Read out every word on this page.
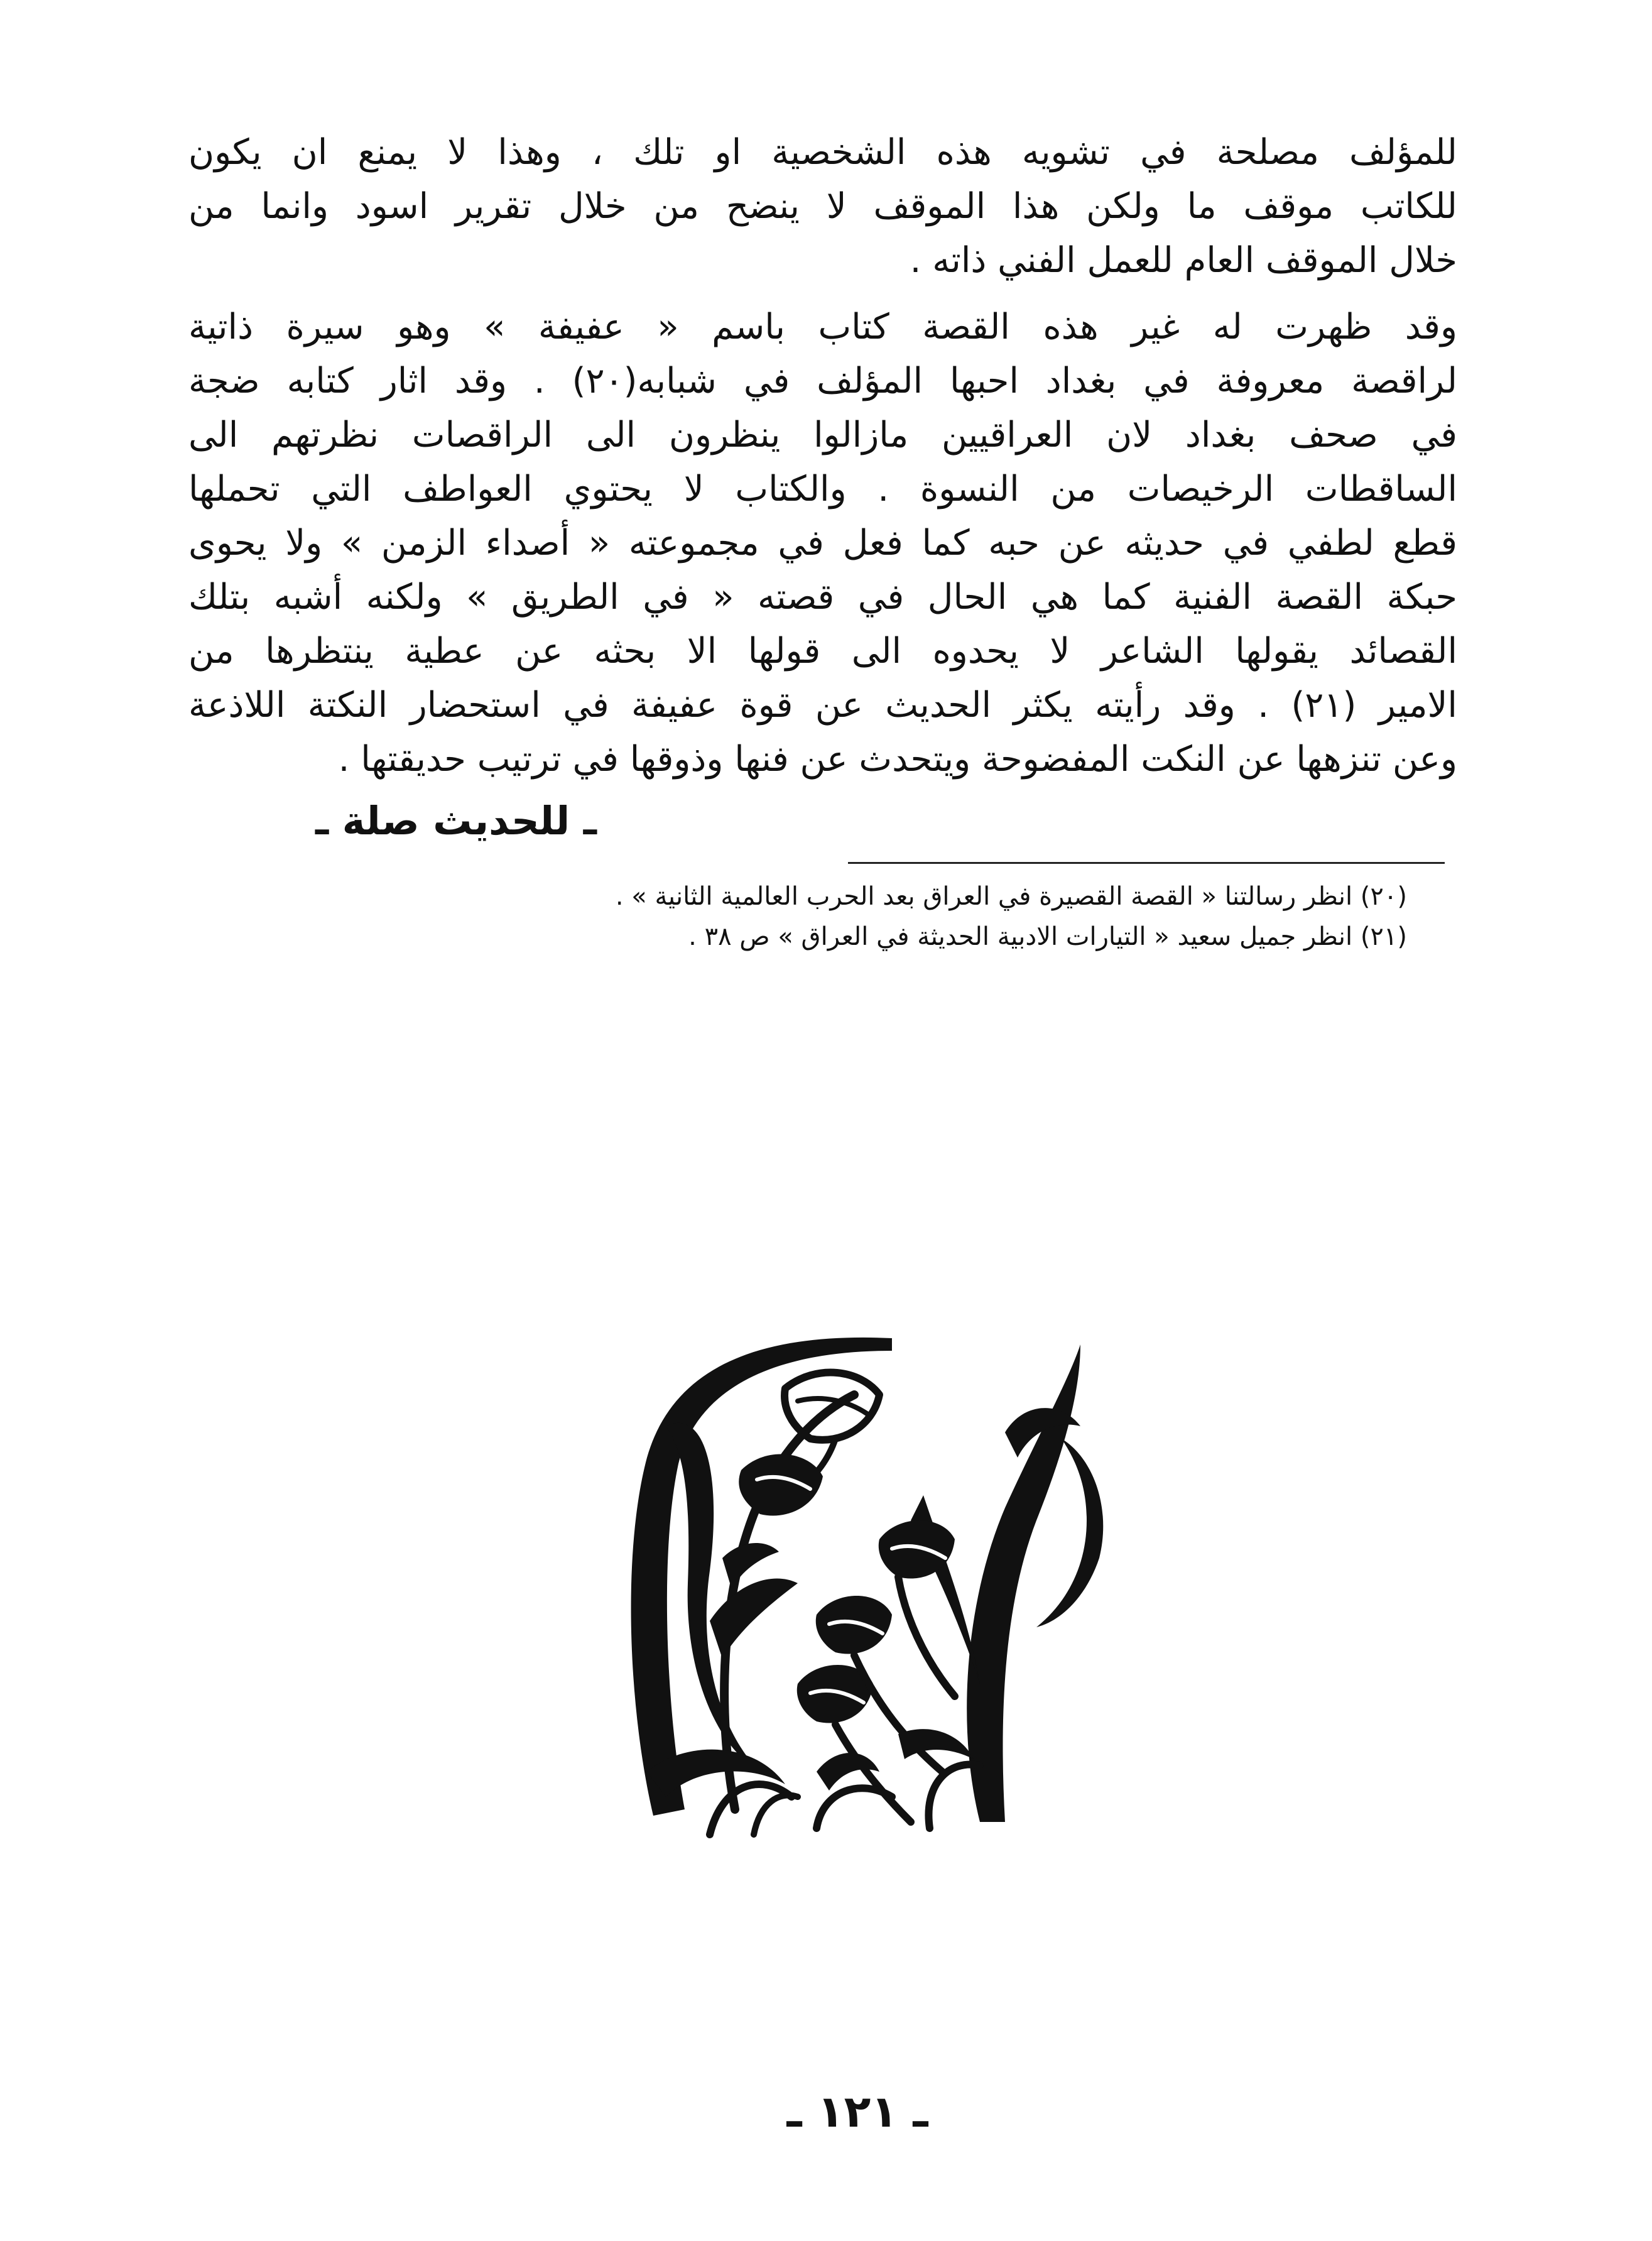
للمؤلف مصلحة في تشويه هذه الشخصية او تلك ، وهذا لا يمنع ان يكون
للكاتب موقف ما ولكن هذا الموقف لا ينضح من خلال تقرير اسود وانما من
خلال الموقف العام للعمل الفني ذاته .
وقد ظهرت له غير هذه القصة كتاب باسم « عفيفة » وهو سيرة ذاتية
لراقصة معروفة في بغداد احبها المؤلف في شبابه(٢٠) . وقد اثار كتابه ضجة
في صحف بغداد لان العراقيين مازالوا ينظرون الى الراقصات نظرتهم الى
الساقطات الرخيصات من النسوة . والكتاب لا يحتوي العواطف التي تحملها
قطع لطفي في حديثه عن حبه كما فعل في مجموعته « أصداء الزمن » ولا يحوى
حبكة القصة الفنية كما هي الحال في قصته « في الطريق » ولكنه أشبه بتلك
القصائد يقولها الشاعر لا يحدوه الى قولها الا بحثه عن عطية ينتظرها من
الامير (٢١) . وقد رأيته يكثر الحديث عن قوة عفيفة في استحضار النكتة اللاذعة
وعن تنزهها عن النكت المفضوحة ويتحدث عن فنها وذوقها في ترتيب حديقتها .
ـ للحديث صلة ـ
(٢٠) انظر رسالتنا « القصة القصيرة في العراق بعد الحرب العالمية الثانية » .
(٢١) انظر جميل سعيد « التيارات الادبية الحديثة في العراق » ص ٣٨ .
ـ ١٢١ ـ
